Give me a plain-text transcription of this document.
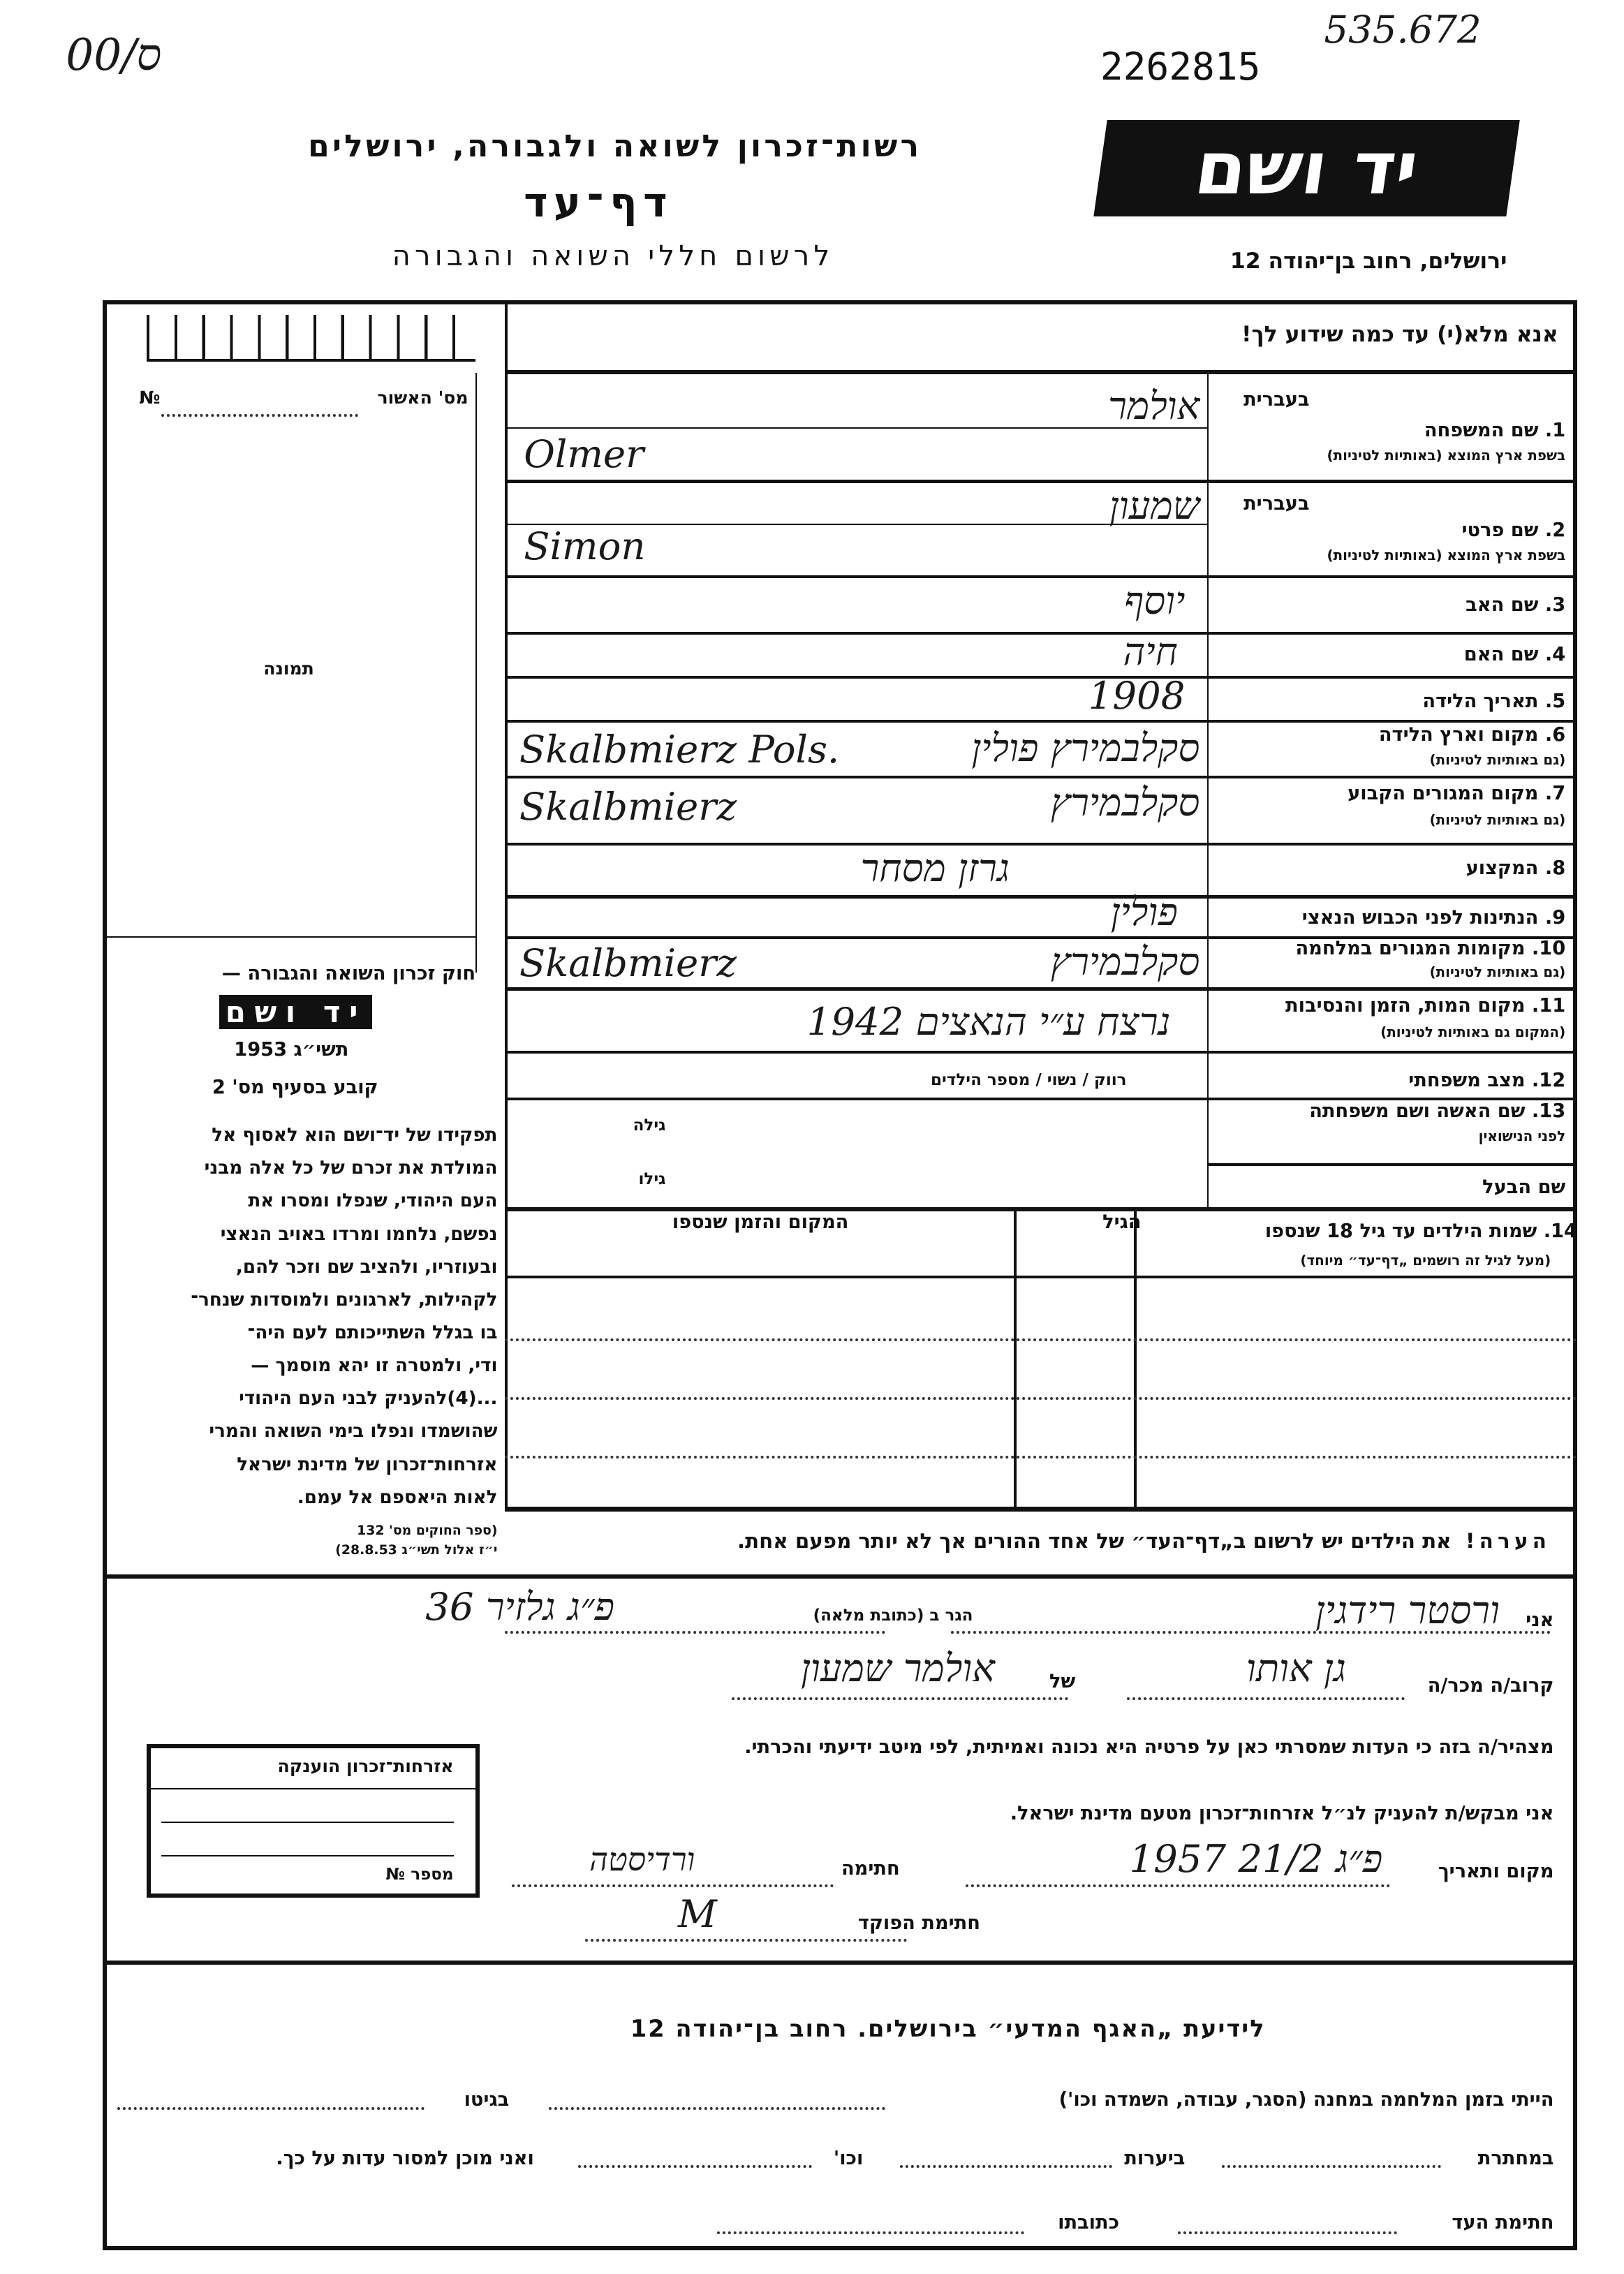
00/ס	2262815
535.672
רשות־זכרון לשואה ולגבורה, ירושלים
דף־עד
לרשום חללי השואה והגבורה
יד ושם
ירושלים, רחוב בן־יהודה 12
אנא מלא(י) עד כמה שידוע לך!
מס' האשור
№
תמונה
חוק זכרון השואה והגבורה —
יד ושם
תשי״ג 1953
קובע בסעיף מס' 2
תפקידו של יד־ושם הוא לאסוף אל
המולדת את זכרם של כל אלה מבני
העם היהודי, שנפלו ומסרו את
נפשם, נלחמו ומרדו באויב הנאצי
ובעוזריו, ולהציב שם וזכר להם,
לקהילות, לארגונים ולמוסדות שנחר־
בו בגלל השתייכותם לעם היה־
ודי, ולמטרה זו יהא מוסמך —
...(4)להעניק לבני העם היהודי
שהושמדו ונפלו בימי השואה והמרי
אזרחות־זכרון של מדינת ישראל
לאות היאספם אל עמם.
(ספר החוקים מס' 132
י״ז אלול תשי״ג 28.8.53)
בעברית
1. שם המשפחה
בשפת ארץ המוצא (באותיות לטיניות)
בעברית
2. שם פרטי
בשפת ארץ המוצא (באותיות לטיניות)
3. שם האב
4. שם האם
5. תאריך הלידה
6. מקום וארץ הלידה
(גם באותיות לטיניות)
7. מקום המגורים הקבוע
(גם באותיות לטיניות)
8. המקצוע
9. הנתינות לפני הכבוש הנאצי
10. מקומות המגורים במלחמה
(גם באותיות לטיניות)
11. מקום המות, הזמן והנסיבות
(המקום גם באותיות לטיניות)
12. מצב משפחתי
13. שם האשה ושם משפחתה
לפני הנישואין
שם הבעל
אולמר
Olmer
שמעון
Simon
יוסף
חיה
1908
סקלבמירץ פולין
Skalbmierz Pols.
סקלבמירץ
Skalbmierz
גרזן מסחר
פולין
סקלבמירץ
Skalbmierz
נרצח ע״י הנאצים 1942
רווק / נשוי / מספר הילדים
גילה
גילו
14. שמות הילדים עד גיל 18 שנספו
(מעל לגיל זה רושמים „דף־עד״ מיוחד)
הגיל
המקום והזמן שנספו
הערה!  את הילדים יש לרשום ב„דף־העד״ של אחד ההורים אך לא יותר מפעם אחת.
אני
ורסטר רידגין
הגר ב (כתובת מלאה)
פ״ג גלזיר 36
קרוב/ה מכר/ה
גן אותו
של
אולמר שמעון
מצהיר/ה בזה כי העדות שמסרתי כאן על פרטיה היא נכונה ואמיתית, לפי מיטב ידיעתי והכרתי.
אני מבקש/ת להעניק לנ״ל אזרחות־זכרון מטעם מדינת ישראל.
מקום ותאריך
פ״ג 21/2 1957
חתימה
ורדיסטה
חתימת הפוקד
M
אזרחות־זכרון הוענקה
מספר №
לידיעת „האגף המדעי״ בירושלים. רחוב בן־יהודה 12
הייתי בזמן המלחמה במחנה (הסגר, עבודה, השמדה וכו')
בגיטו
במחתרת
ביערות
וכו'
ואני מוכן למסור עדות על כך.
חתימת העד
כתובתו
